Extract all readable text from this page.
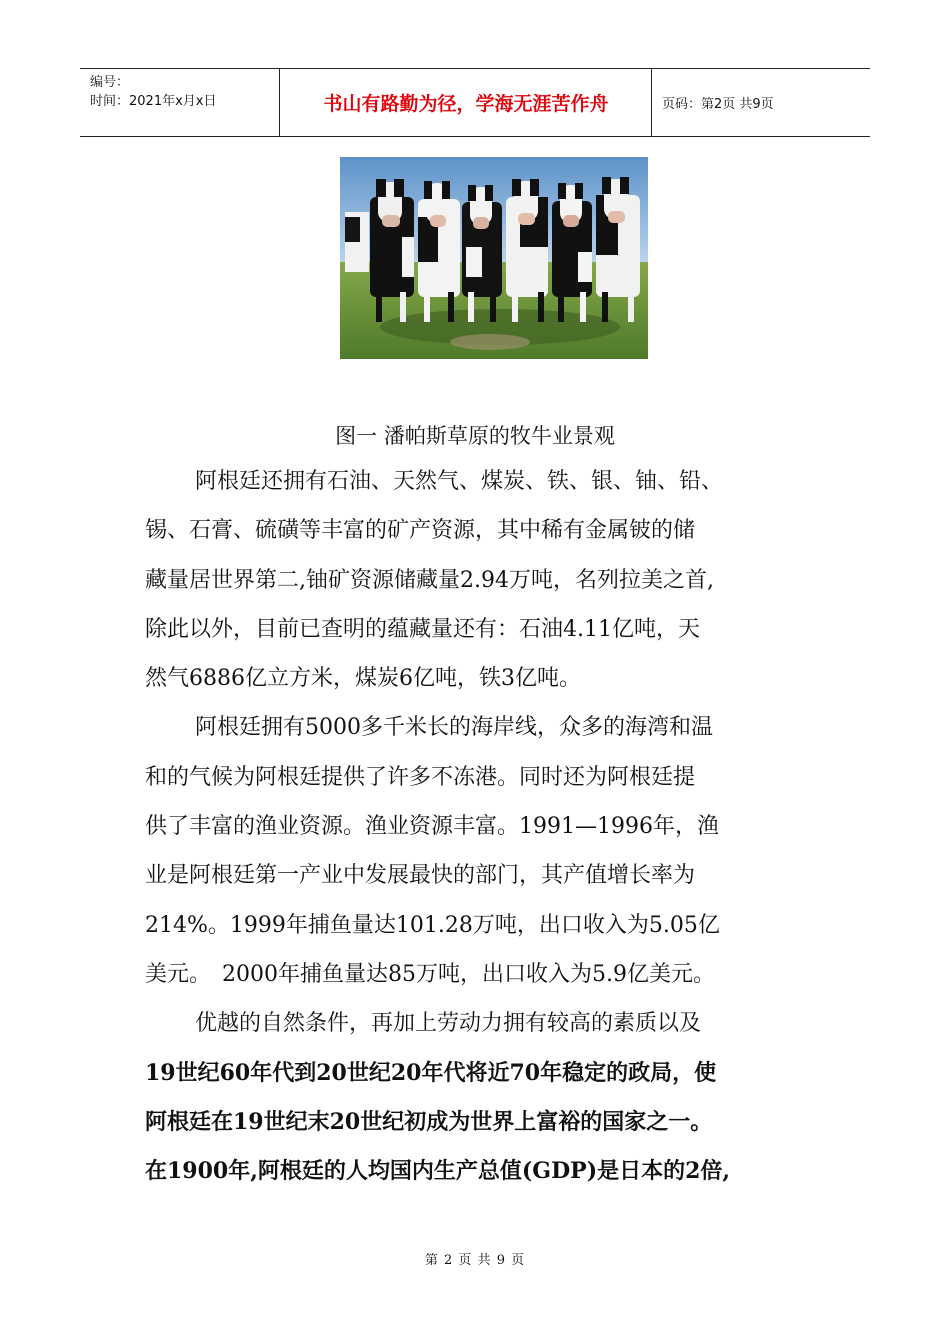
编号：
时间：2021年x月x日	书山有路勤为径，学海无涯苦作舟	页码：第2页 共9页
图一 潘帕斯草原的牧牛业景观

阿根廷还拥有石油、天然气、煤炭、铁、银、铀、铅、

锡、石膏、硫磺等丰富的矿产资源，其中稀有金属铍的储
藏量居世界第二,铀矿资源储藏量2.94万吨，名列拉美之首,
除此以外，目前已查明的蕴藏量还有：石油4.11亿吨，天
然气6886亿立方米，煤炭6亿吨，铁3亿吨。

阿根廷拥有5000多千米长的海岸线，众多的海湾和温

和的气候为阿根廷提供了许多不冻港。同时还为阿根廷提
供了丰富的渔业资源。渔业资源丰富。1991—1996年，渔
业是阿根廷第一产业中发展最快的部门，其产值增长率为
214%。1999年捕鱼量达101.28万吨，出口收入为5.05亿
美元。　2000年捕鱼量达85万吨，出口收入为5.9亿美元。

优越的自然条件，再加上劳动力拥有较高的素质以及

19世纪60年代到20世纪20年代将近70年稳定的政局，使
阿根廷在19世纪末20世纪初成为世界上富裕的国家之一。
在1900年,阿根廷的人均国内生产总值(GDP)是日本的2倍,

第 2 页 共 9 页
